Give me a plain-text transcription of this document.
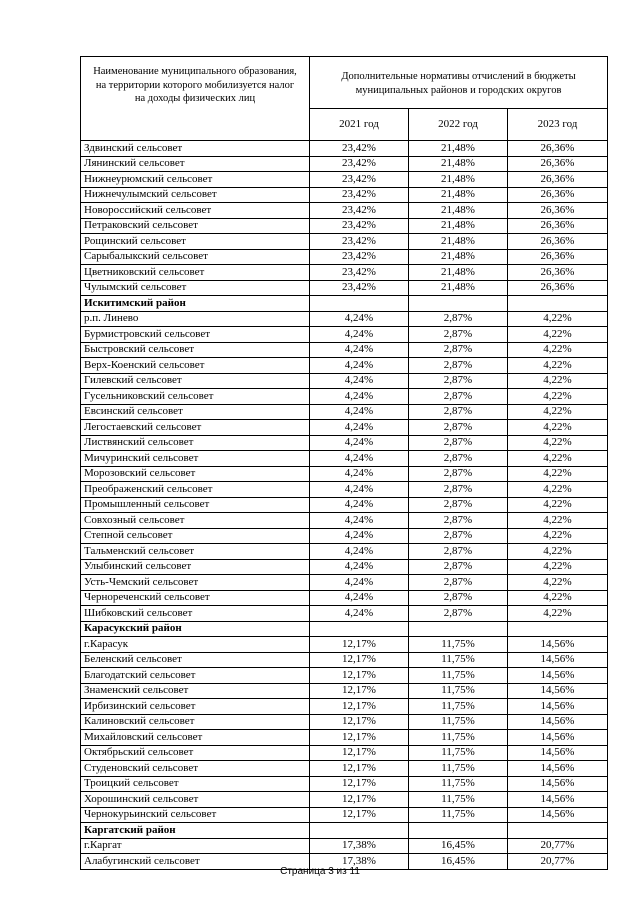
Наименование муниципального образования, на территории которого мобилизуется налог на доходы физических лиц	Дополнительные нормативы отчислений в бюджеты муниципальных районов и городских округов		
	2021 год	2022 год	2023 год
Здвинский сельсовет	23,42%	21,48%	26,36%
Лянинский сельсовет	23,42%	21,48%	26,36%
Нижнеурюмский сельсовет	23,42%	21,48%	26,36%
Нижнечулымский сельсовет	23,42%	21,48%	26,36%
Новороссийский сельсовет	23,42%	21,48%	26,36%
Петраковский сельсовет	23,42%	21,48%	26,36%
Рощинский сельсовет	23,42%	21,48%	26,36%
Сарыбалыкский сельсовет	23,42%	21,48%	26,36%
Цветниковский сельсовет	23,42%	21,48%	26,36%
Чулымский сельсовет	23,42%	21,48%	26,36%
Искитимский район			
р.п. Линево	4,24%	2,87%	4,22%
Бурмистровский сельсовет	4,24%	2,87%	4,22%
Быстровский сельсовет	4,24%	2,87%	4,22%
Верх-Коенский сельсовет	4,24%	2,87%	4,22%
Гилевский сельсовет	4,24%	2,87%	4,22%
Гусельниковский сельсовет	4,24%	2,87%	4,22%
Евсинский сельсовет	4,24%	2,87%	4,22%
Легостаевский сельсовет	4,24%	2,87%	4,22%
Листвянский сельсовет	4,24%	2,87%	4,22%
Мичуринский сельсовет	4,24%	2,87%	4,22%
Морозовский сельсовет	4,24%	2,87%	4,22%
Преображенский сельсовет	4,24%	2,87%	4,22%
Промышленный сельсовет	4,24%	2,87%	4,22%
Совхозный сельсовет	4,24%	2,87%	4,22%
Степной сельсовет	4,24%	2,87%	4,22%
Тальменский сельсовет	4,24%	2,87%	4,22%
Улыбинский сельсовет	4,24%	2,87%	4,22%
Усть-Чемский сельсовет	4,24%	2,87%	4,22%
Чернореченский сельсовет	4,24%	2,87%	4,22%
Шибковский сельсовет	4,24%	2,87%	4,22%
Карасукский район			
г.Карасук	12,17%	11,75%	14,56%
Беленский сельсовет	12,17%	11,75%	14,56%
Благодатский сельсовет	12,17%	11,75%	14,56%
Знаменский сельсовет	12,17%	11,75%	14,56%
Ирбизинский сельсовет	12,17%	11,75%	14,56%
Калиновский сельсовет	12,17%	11,75%	14,56%
Михайловский сельсовет	12,17%	11,75%	14,56%
Октябрьский сельсовет	12,17%	11,75%	14,56%
Студеновский сельсовет	12,17%	11,75%	14,56%
Троицкий сельсовет	12,17%	11,75%	14,56%
Хорошинский сельсовет	12,17%	11,75%	14,56%
Чернокурьинский сельсовет	12,17%	11,75%	14,56%
Каргатский район			
г.Каргат	17,38%	16,45%	20,77%
Алабугинский сельсовет	17,38%	16,45%	20,77%
Страница 3 из 11
